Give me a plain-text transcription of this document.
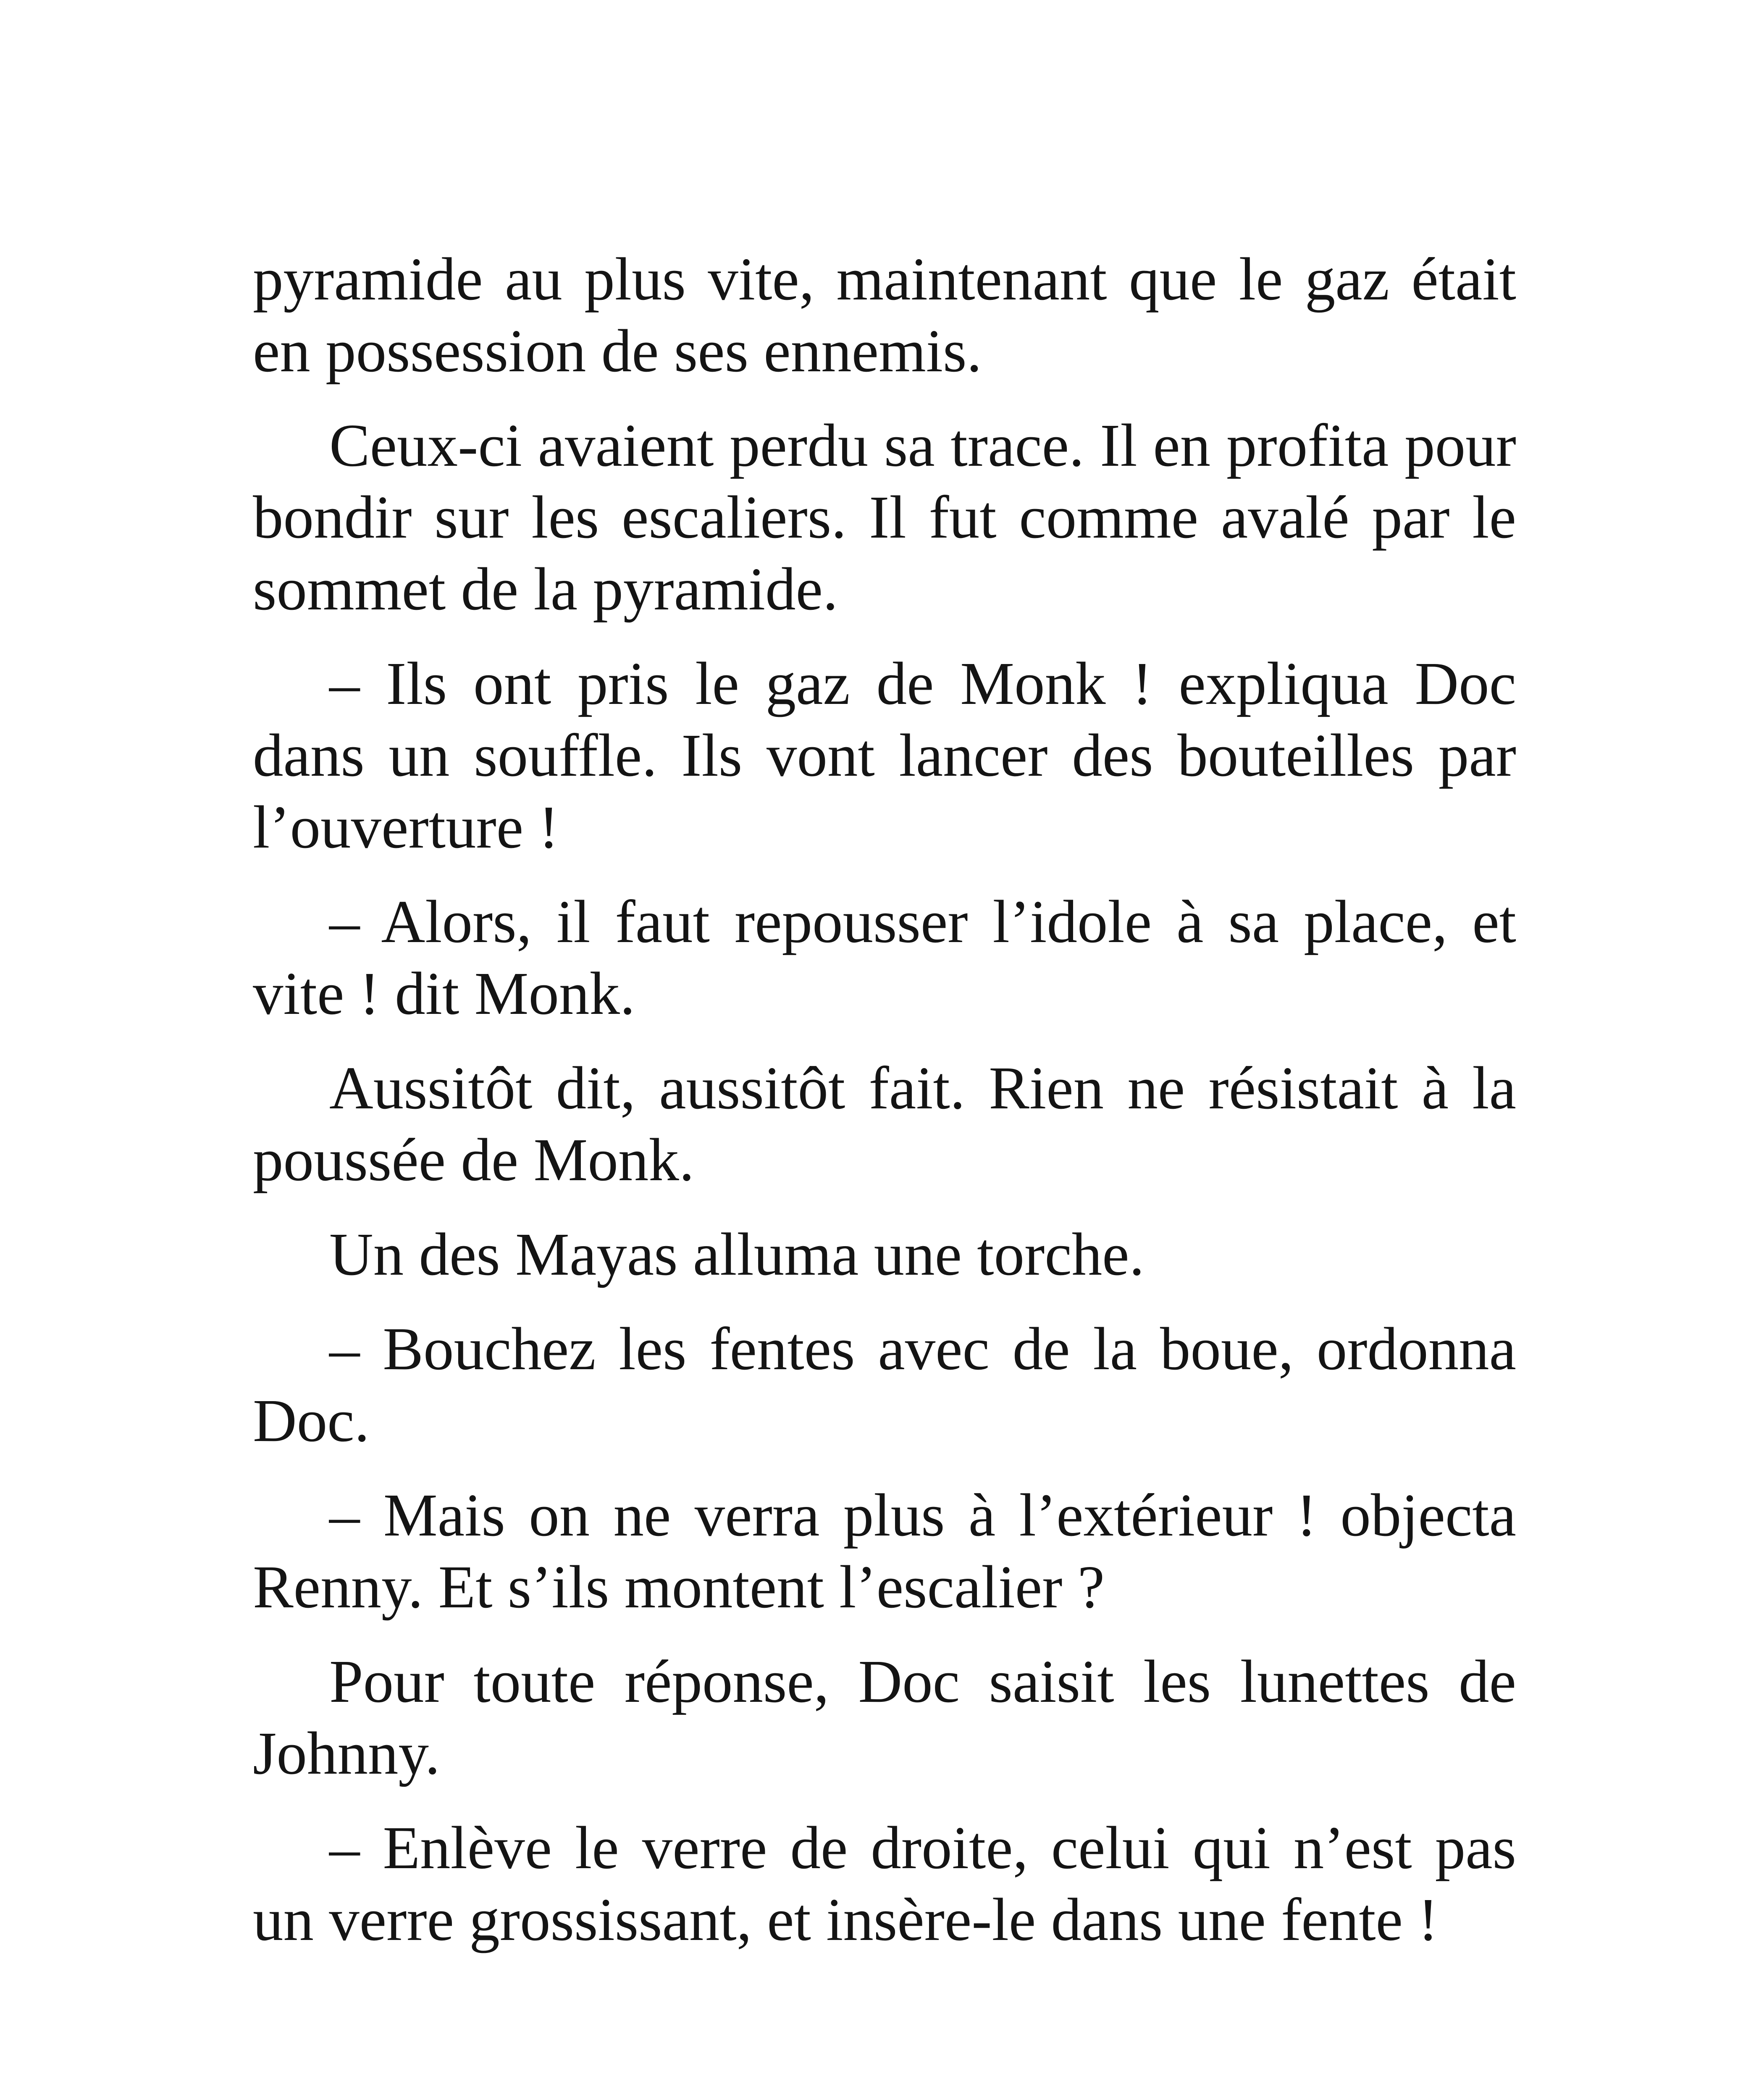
pyramide au plus vite, maintenant que le gaz était en possession de ses ennemis.

Ceux-ci avaient perdu sa trace. Il en profita pour bondir sur les escaliers. Il fut comme avalé par le sommet de la pyramide.

– Ils ont pris le gaz de Monk ! expliqua Doc dans un souffle. Ils vont lancer des bouteilles par l’ouverture !

– Alors, il faut repousser l’idole à sa place, et vite ! dit Monk.

Aussitôt dit, aussitôt fait. Rien ne résistait à la poussée de Monk.

Un des Mayas alluma une torche.

– Bouchez les fentes avec de la boue, ordonna Doc.

– Mais on ne verra plus à l’extérieur ! objecta Renny. Et s’ils montent l’escalier ?

Pour toute réponse, Doc saisit les lunettes de Johnny.

– Enlève le verre de droite, celui qui n’est pas un verre grossissant, et insère-le dans une fente !
